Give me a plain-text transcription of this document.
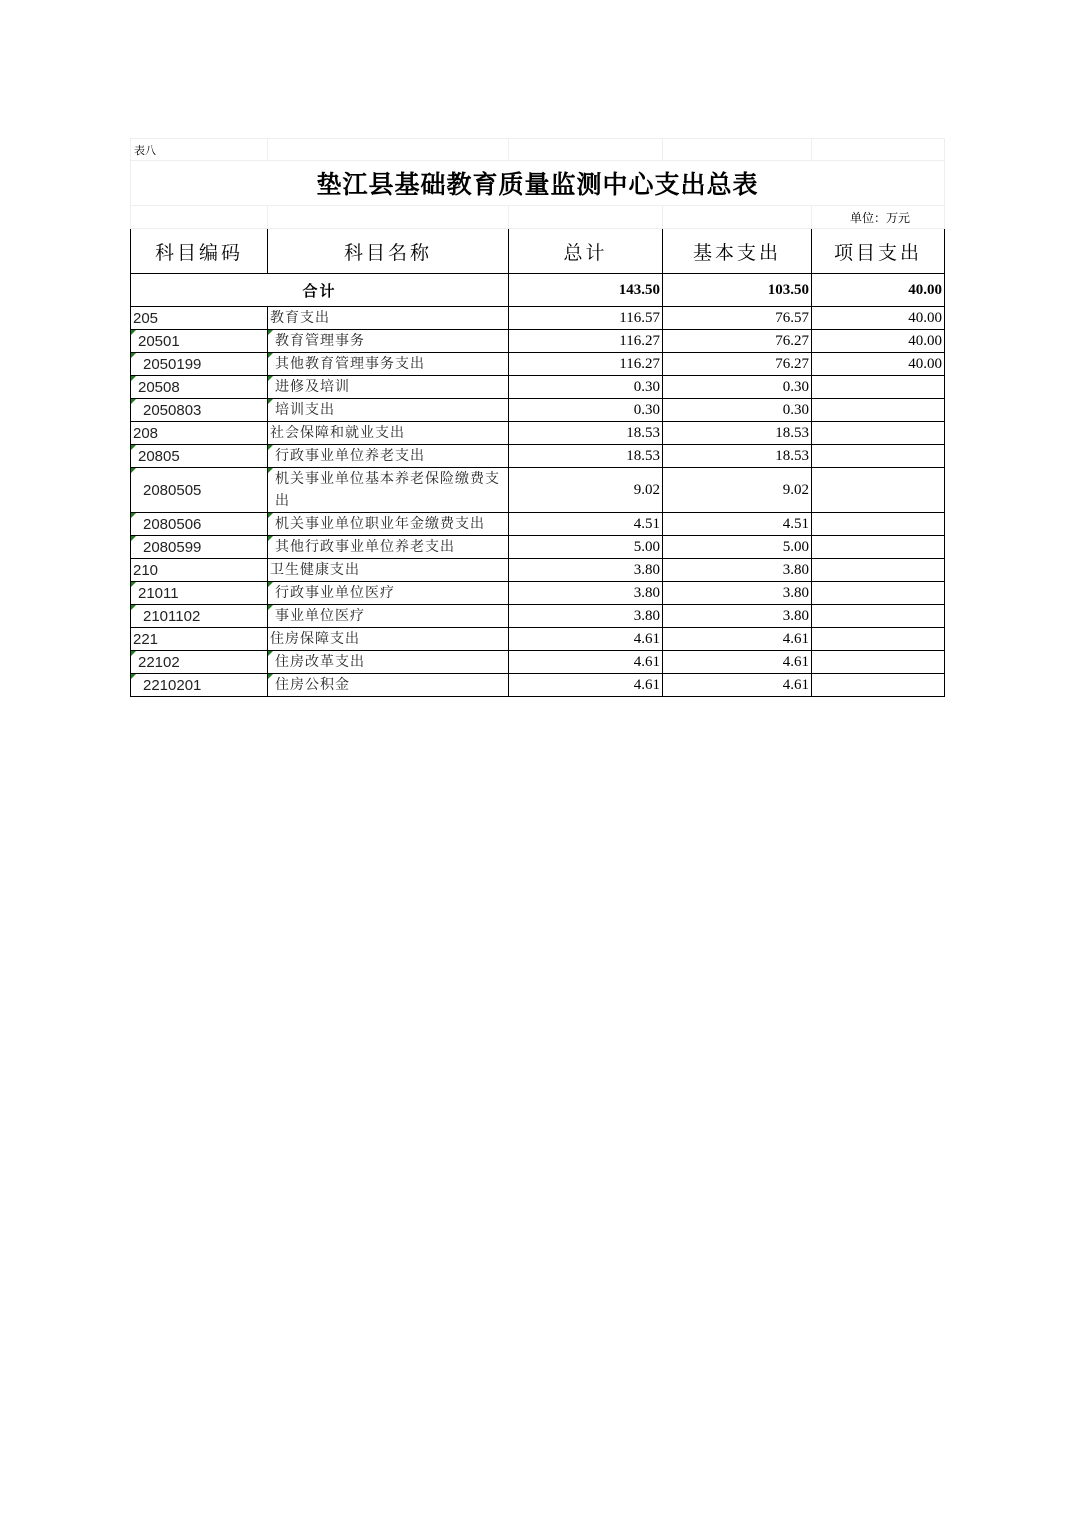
表八				
垫江县基础教育质量监测中心支出总表				
				单位：万元
科目编码	科目名称	总计	基本支出	项目支出
合计		143.50	103.50	40.00
205	教育支出	116.57	76.57	40.00
20501	教育管理事务	116.27	76.27	40.00
2050199	其他教育管理事务支出	116.27	76.27	40.00
20508	进修及培训	0.30	0.30	
2050803	培训支出	0.30	0.30	
208	社会保障和就业支出	18.53	18.53	
20805	行政事业单位养老支出	18.53	18.53	
2080505	机关事业单位基本养老保险缴费支出	9.02	9.02	
2080506	机关事业单位职业年金缴费支出	4.51	4.51	
2080599	其他行政事业单位养老支出	5.00	5.00	
210	卫生健康支出	3.80	3.80	
21011	行政事业单位医疗	3.80	3.80	
2101102	事业单位医疗	3.80	3.80	
221	住房保障支出	4.61	4.61	
22102	住房改革支出	4.61	4.61	
2210201	住房公积金	4.61	4.61	
